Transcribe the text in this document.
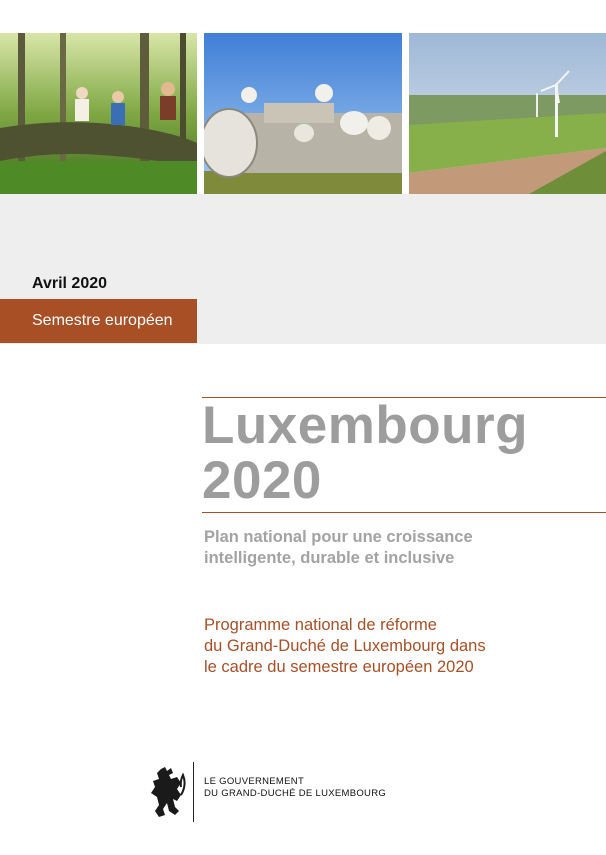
Avril 2020
Semestre européen
Luxembourg
2020
Plan national pour une croissance
intelligente, durable et inclusive
Programme national de réforme
du Grand-Duché de Luxembourg dans
le cadre du semestre européen 2020
LE GOUVERNEMENT
DU GRAND-DUCHÉ DE LUXEMBOURG
